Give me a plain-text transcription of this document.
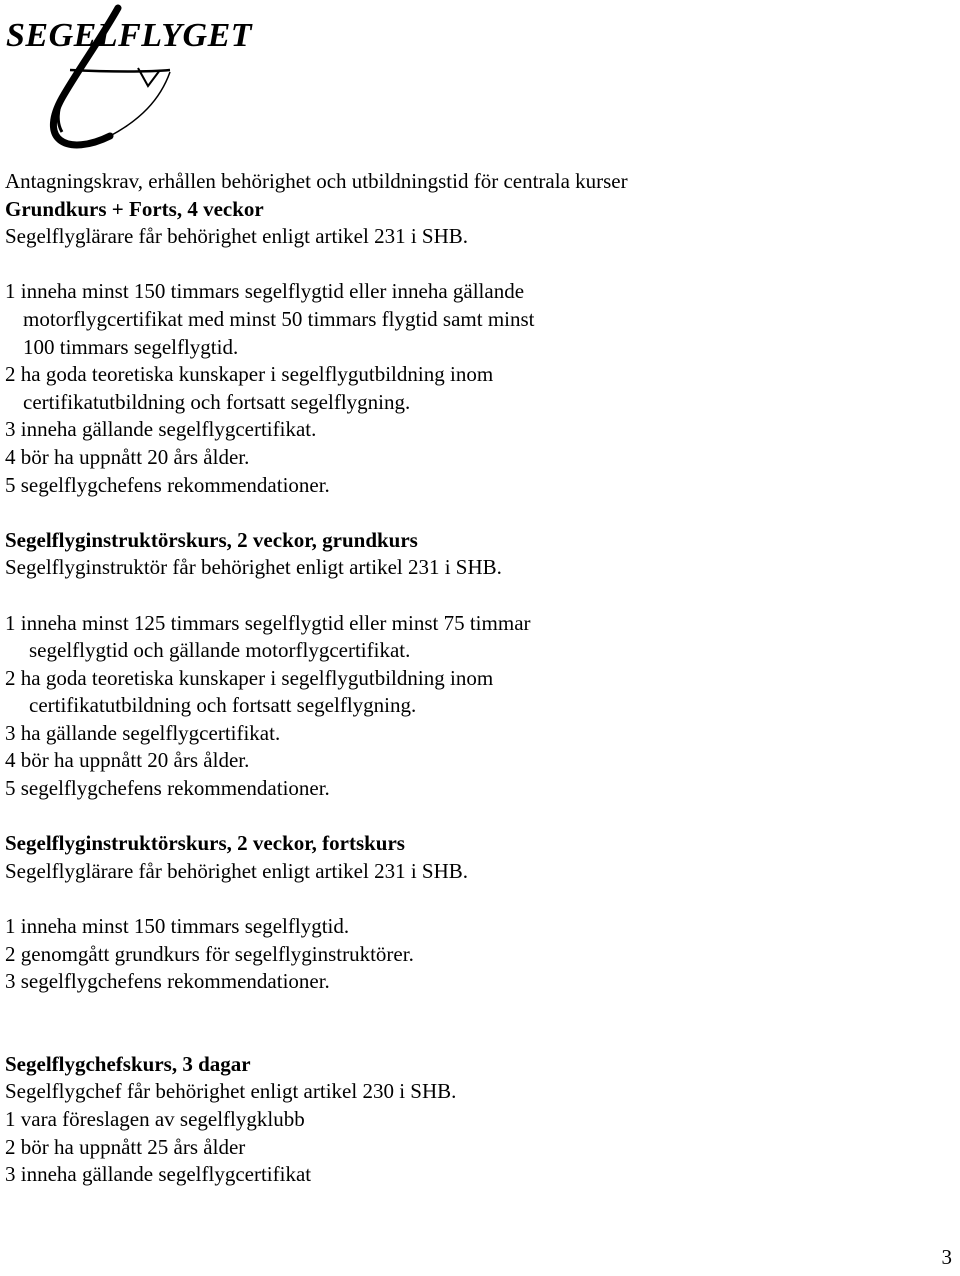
SEGELFLYGET
Antagningskrav, erhållen behörighet och utbildningstid för centrala kurser
Grundkurs + Forts, 4 veckor
Segelflyglärare får behörighet enligt artikel 231 i SHB.
1 inneha minst 150 timmars segelflygtid eller inneha gällande
motorflygcertifikat med minst 50 timmars flygtid samt minst
100 timmars segelflygtid.
2 ha goda teoretiska kunskaper i segelflygutbildning inom
certifikatutbildning och fortsatt segelflygning.
3 inneha gällande segelflygcertifikat.
4 bör ha uppnått 20 års ålder.
5 segelflygchefens rekommendationer.
Segelflyginstruktörskurs, 2 veckor, grundkurs
Segelflyginstruktör får behörighet enligt artikel 231 i SHB.
1 inneha minst 125 timmars segelflygtid eller minst 75 timmar
segelflygtid och gällande motorflygcertifikat.
2 ha goda teoretiska kunskaper i segelflygutbildning inom
certifikatutbildning och fortsatt segelflygning.
3 ha gällande segelflygcertifikat.
4 bör ha uppnått 20 års ålder.
5 segelflygchefens rekommendationer.
Segelflyginstruktörskurs, 2 veckor, fortskurs
Segelflyglärare får behörighet enligt artikel 231 i SHB.
1 inneha minst 150 timmars segelflygtid.
2 genomgått grundkurs för segelflyginstruktörer.
3 segelflygchefens rekommendationer.
Segelflygchefskurs, 3 dagar
Segelflygchef får behörighet enligt artikel 230 i SHB.
1 vara föreslagen av segelflygklubb
2 bör ha uppnått 25 års ålder
3 inneha gällande segelflygcertifikat
3
